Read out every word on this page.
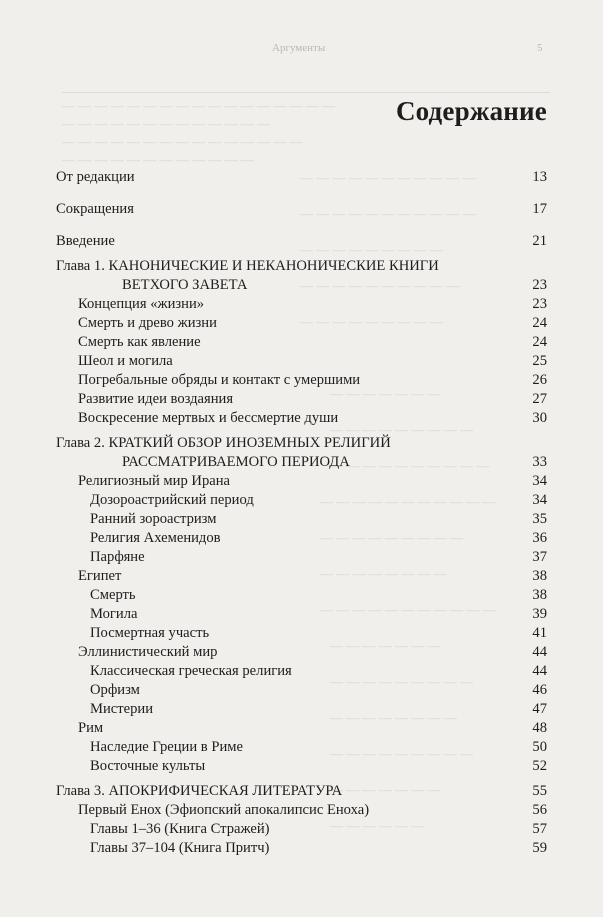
— — — — — — — — — — — — — — — — —
— — — — — — — — — — — — —
— — — — — — — — — — — — — — —
— — — — — — — — — — — —
— — — — — — — — — — —
— — — — — — — — — — —
— — — — — — — — —
— — — — — — — — — —
— — — — — — — — —
— — — — — — —
— — — — — — — — —
— — — — — — — — — —
— — — — — — — — — — —
— — — — — — — — —
— — — — — — — —
— — — — — — — — — — —
— — — — — — —
— — — — — — — — —
— — — — — — — —
— — — — — — — — —
— — — — — — —
— — — — — —
Аргументы	5
Содержание
От редакции	13
Сокращения	17
Введение	21
Глава 1. КАНОНИЧЕСКИЕ И НЕКАНОНИЧЕСКИЕ КНИГИ
ВЕТХОГО ЗАВЕТА	23
Концепция «жизни»	23
Смерть и древо жизни	24
Смерть как явление	24
Шеол и могила	25
Погребальные обряды и контакт с умершими	26
Развитие идеи воздаяния	27
Воскресение мертвых и бессмертие души	30
Глава 2. КРАТКИЙ ОБЗОР ИНОЗЕМНЫХ РЕЛИГИЙ
РАССМАТРИВАЕМОГО ПЕРИОДА	33
Религиозный мир Ирана	34
Дозороастрийский период	34
Ранний зороастризм	35
Религия Ахеменидов	36
Парфяне	37
Египет	38
Смерть	38
Могила	39
Посмертная участь	41
Эллинистический мир	44
Классическая греческая религия	44
Орфизм	46
Мистерии	47
Рим	48
Наследие Греции в Риме	50
Восточные культы	52
Глава 3. АПОКРИФИЧЕСКАЯ ЛИТЕРАТУРА	55
Первый Енох (Эфиопский апокалипсис Еноха)	56
Главы 1–36 (Книга Стражей)	57
Главы 37–104 (Книга Притч)	59
